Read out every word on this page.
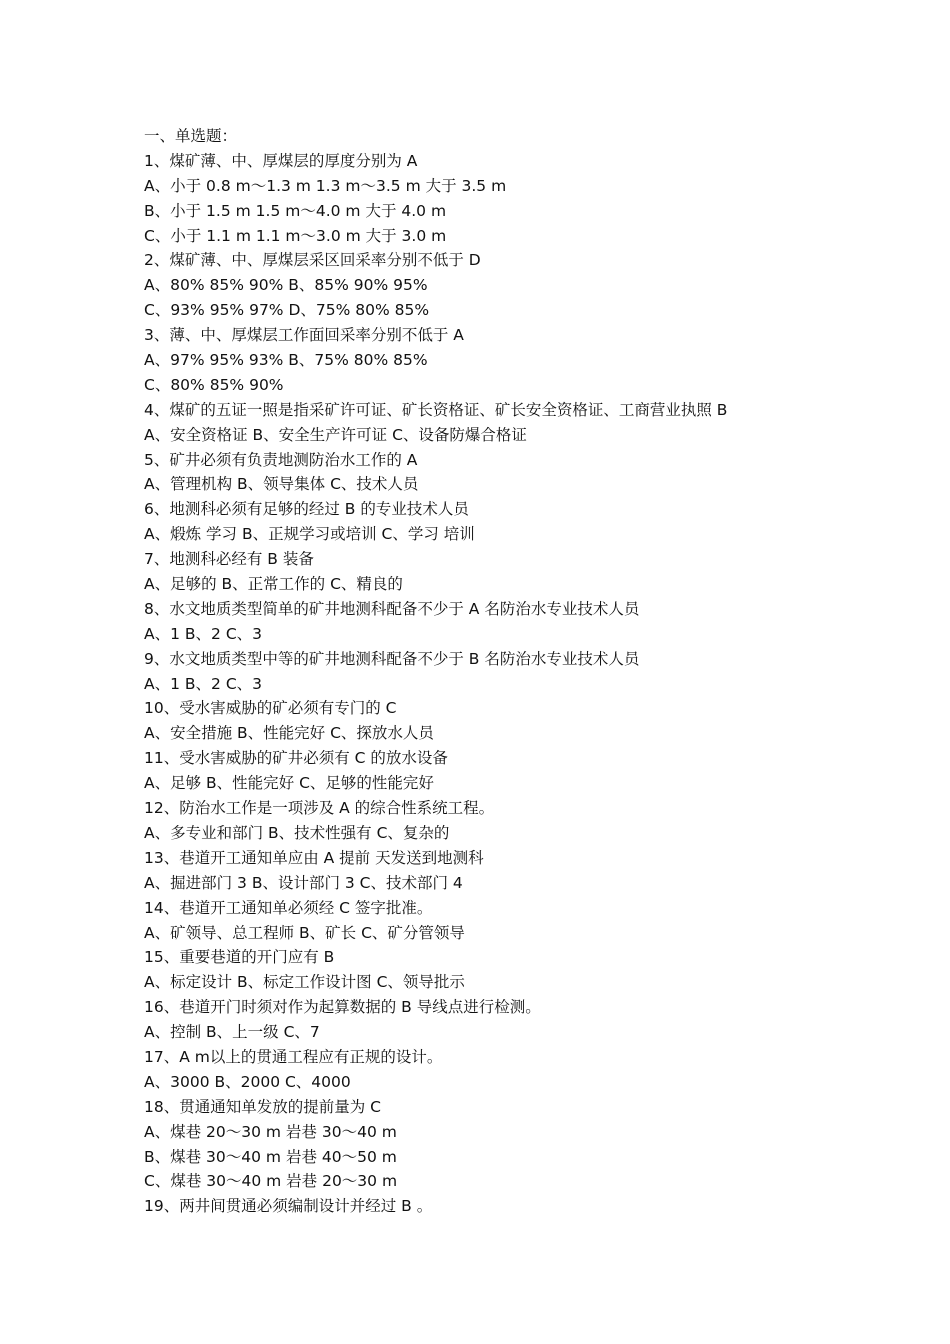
一、单选题：
1、煤矿薄、中、厚煤层的厚度分别为 A
A、小于 0.8 m～1.3 m 1.3 m～3.5 m 大于 3.5 m
B、小于 1.5 m 1.5 m～4.0 m 大于 4.0 m
C、小于 1.1 m 1.1 m～3.0 m 大于 3.0 m
2、煤矿薄、中、厚煤层采区回采率分别不低于 D
A、80% 85% 90% B、85% 90% 95%
C、93% 95% 97% D、75% 80% 85%
3、薄、中、厚煤层工作面回采率分别不低于 A
A、97% 95% 93% B、75% 80% 85%
C、80% 85% 90%
4、煤矿的五证一照是指采矿许可证、矿长资格证、矿长安全资格证、工商营业执照 B
A、安全资格证 B、安全生产许可证 C、设备防爆合格证
5、矿井必须有负责地测防治水工作的 A
A、管理机构 B、领导集体 C、技术人员
6、地测科必须有足够的经过 B 的专业技术人员
A、煅炼 学习 B、正规学习或培训 C、学习 培训
7、地测科必经有 B 装备
A、足够的 B、正常工作的 C、精良的
8、水文地质类型简单的矿井地测科配备不少于 A 名防治水专业技术人员
A、1 B、2 C、3
9、水文地质类型中等的矿井地测科配备不少于 B 名防治水专业技术人员
A、1 B、2 C、3
10、受水害威胁的矿必须有专门的 C
A、安全措施 B、性能完好 C、探放水人员
11、受水害威胁的矿井必须有 C 的放水设备
A、足够 B、性能完好 C、足够的性能完好
12、防治水工作是一项涉及 A 的综合性系统工程。
A、多专业和部门 B、技术性强有 C、复杂的
13、巷道开工通知单应由 A 提前 天发送到地测科
A、掘进部门 3 B、设计部门 3 C、技术部门 4
14、巷道开工通知单必须经 C 签字批准。
A、矿领导、总工程师 B、矿长 C、矿分管领导
15、重要巷道的开门应有 B
A、标定设计 B、标定工作设计图 C、领导批示
16、巷道开门时须对作为起算数据的 B 导线点进行检测。
A、控制 B、上一级 C、7
17、A m以上的贯通工程应有正规的设计。
A、3000 B、2000 C、4000
18、贯通通知单发放的提前量为 C
A、煤巷 20～30 m 岩巷 30～40 m
B、煤巷 30～40 m 岩巷 40～50 m
C、煤巷 30～40 m 岩巷 20～30 m
19、两井间贯通必须编制设计并经过 B 。
